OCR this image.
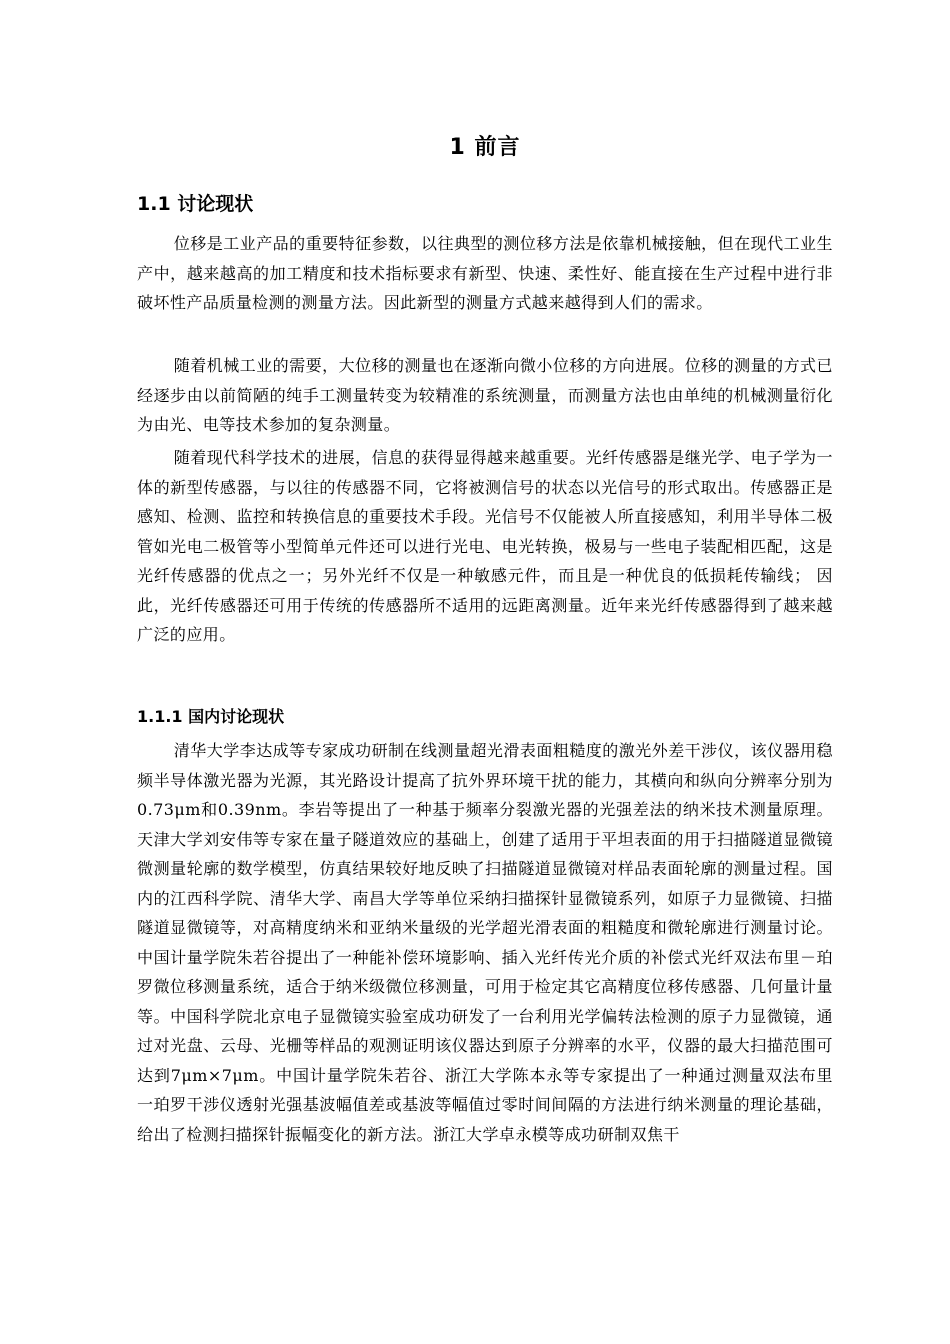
1 前言
1.1 讨论现状

位移是工业产品的重要特征参数，以往典型的测位移方法是依靠机械接触，但在现代工业生产中，越来越高的加工精度和技术指标要求有新型、快速、柔性好、能直接在生产过程中进行非破坏性产品质量检测的测量方法。因此新型的测量方式越来越得到人们的需求。

随着机械工业的需要，大位移的测量也在逐渐向微小位移的方向进展。位移的测量的方式已经逐步由以前简陋的纯手工测量转变为较精准的系统测量，而测量方法也由单纯的机械测量衍化为由光、电等技术参加的复杂测量。

随着现代科学技术的进展，信息的获得显得越来越重要。光纤传感器是继光学、电子学为一体的新型传感器，与以往的传感器不同，它将被测信号的状态以光信号的形式取出。传感器正是感知、检测、监控和转换信息的重要技术手段。光信号不仅能被人所直接感知，利用半导体二极管如光电二极管等小型简单元件还可以进行光电、电光转换，极易与一些电子装配相匹配，这是光纤传感器的优点之一；另外光纤不仅是一种敏感元件，而且是一种优良的低损耗传输线； 因此，光纤传感器还可用于传统的传感器所不适用的远距离测量。近年来光纤传感器得到了越来越广泛的应用。

1.1.1 国内讨论现状

清华大学李达成等专家成功研制在线测量超光滑表面粗糙度的激光外差干涉仪，该仪器用稳频半导体激光器为光源，其光路设计提高了抗外界环境干扰的能力，其横向和纵向分辨率分别为0.73μm和0.39nm。李岩等提出了一种基于频率分裂激光器的光强差法的纳米技术测量原理。天津大学刘安伟等专家在量子隧道效应的基础上，创建了适用于平坦表面的用于扫描隧道显微镜微测量轮廓的数学模型，仿真结果较好地反映了扫描隧道显微镜对样品表面轮廓的测量过程。国内的江西科学院、清华大学、南昌大学等单位采纳扫描探针显微镜系列，如原子力显微镜、扫描隧道显微镜等，对高精度纳米和亚纳米量级的光学超光滑表面的粗糙度和微轮廓进行测量讨论。中国计量学院朱若谷提出了一种能补偿环境影响、插入光纤传光介质的补偿式光纤双法布里－珀罗微位移测量系统，适合于纳米级微位移测量，可用于检定其它高精度位移传感器、几何量计量等。中国科学院北京电子显微镜实验室成功研发了一台利用光学偏转法检测的原子力显微镜，通过对光盘、云母、光栅等样品的观测证明该仪器达到原子分辨率的水平，仪器的最大扫描范围可达到7μm×7μm。中国计量学院朱若谷、浙江大学陈本永等专家提出了一种通过测量双法布里一珀罗干涉仪透射光强基波幅值差或基波等幅值过零时间间隔的方法进行纳米测量的理论基础，给出了检测扫描探针振幅变化的新方法。浙江大学卓永模等成功研制双焦干
